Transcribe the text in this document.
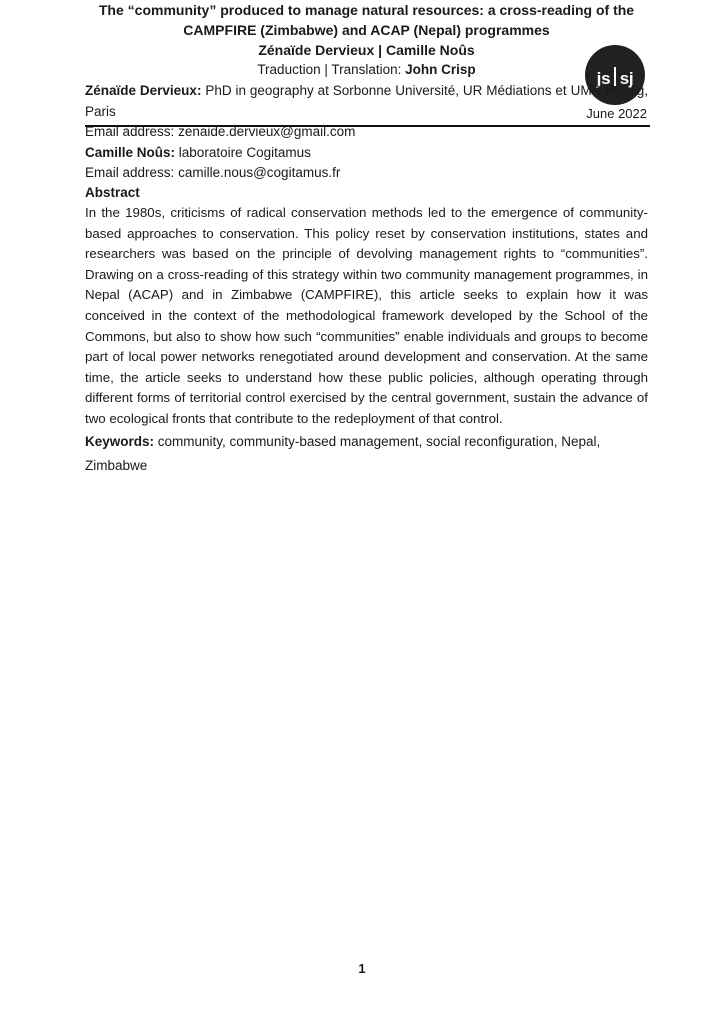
js sj
June 2022

The “community” produced to manage natural resources: a cross-reading of the CAMPFIRE (Zimbabwe) and ACAP (Nepal) programmes

Zénaïde Dervieux | Camille Noûs

Traduction | Translation: John Crisp

Zénaïde Dervieux: PhD in geography at Sorbonne Université, UR Médiations et UMR Prodig, Paris

Email address: zenaide.dervieux@gmail.com

Camille Noûs: laboratoire Cogitamus

Email address: camille.nous@cogitamus.fr

Abstract

In the 1980s, criticisms of radical conservation methods led to the emergence of community-based approaches to conservation. This policy reset by conservation institutions, states and researchers was based on the principle of devolving management rights to “communities”. Drawing on a cross-reading of this strategy within two community management programmes, in Nepal (ACAP) and in Zimbabwe (CAMPFIRE), this article seeks to explain how it was conceived in the context of the methodological framework developed by the School of the Commons, but also to show how such “communities” enable individuals and groups to become part of local power networks renegotiated around development and conservation. At the same time, the article seeks to understand how these public policies, although operating through different forms of territorial control exercised by the central government, sustain the advance of two ecological fronts that contribute to the redeployment of that control.

Keywords: community, community-based management, social reconfiguration, Nepal, Zimbabwe

1
